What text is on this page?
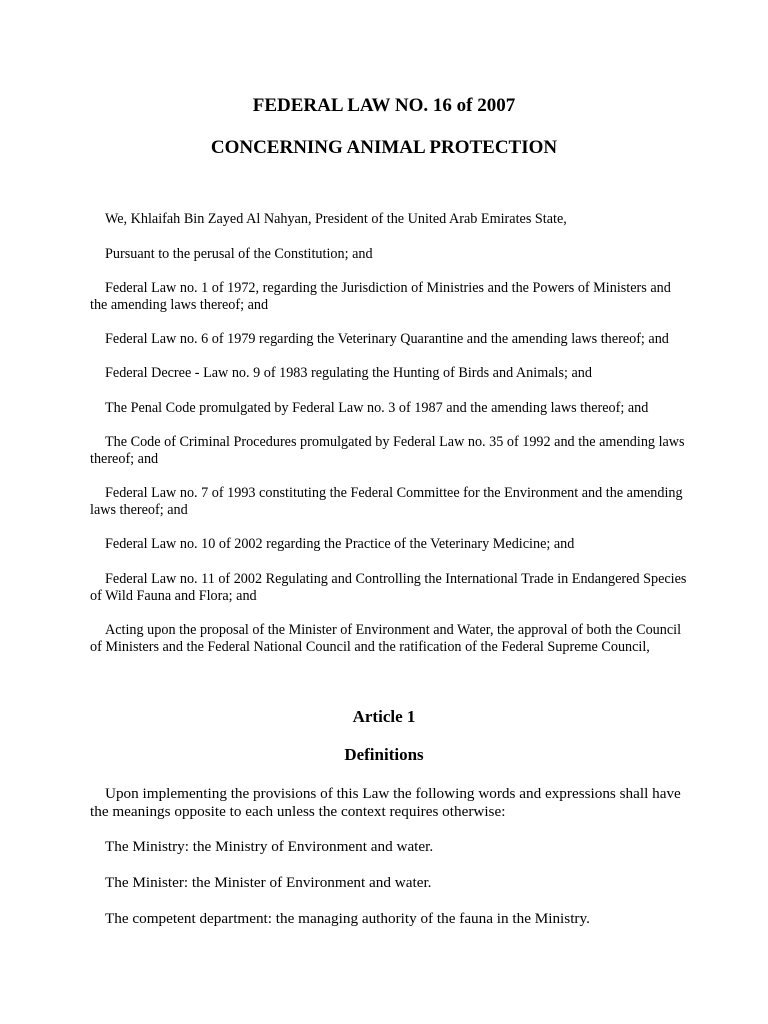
FEDERAL LAW NO. 16 of 2007
CONCERNING ANIMAL PROTECTION

We, Khlaifah Bin Zayed Al Nahyan, President of the United Arab Emirates State,

Pursuant to the perusal of the Constitution; and

Federal Law no. 1 of 1972, regarding the Jurisdiction of Ministries and the Powers of Ministers and the amending laws thereof; and

Federal Law no. 6 of 1979 regarding the Veterinary Quarantine and the amending laws thereof; and

Federal Decree - Law no. 9 of 1983 regulating the Hunting of Birds and Animals; and

The Penal Code promulgated by Federal Law no. 3 of 1987 and the amending laws thereof; and

The Code of Criminal Procedures promulgated by Federal Law no. 35 of 1992 and the amending laws thereof; and

Federal Law no. 7 of 1993 constituting the Federal Committee for the Environment and the amending laws thereof; and

Federal Law no. 10 of 2002 regarding the Practice of the Veterinary Medicine; and

Federal Law no. 11 of 2002 Regulating and Controlling the International Trade in Endangered Species of Wild Fauna and Flora; and

Acting upon the proposal of the Minister of Environment and Water, the approval of both the Council of Ministers and the Federal National Council and the ratification of the Federal Supreme Council,

Article 1
Definitions

Upon implementing the provisions of this Law the following words and expressions shall have the meanings opposite to each unless the context requires otherwise:

The Ministry: the Ministry of Environment and water.

The Minister: the Minister of Environment and water.

The competent department: the managing authority of the fauna in the Ministry.
